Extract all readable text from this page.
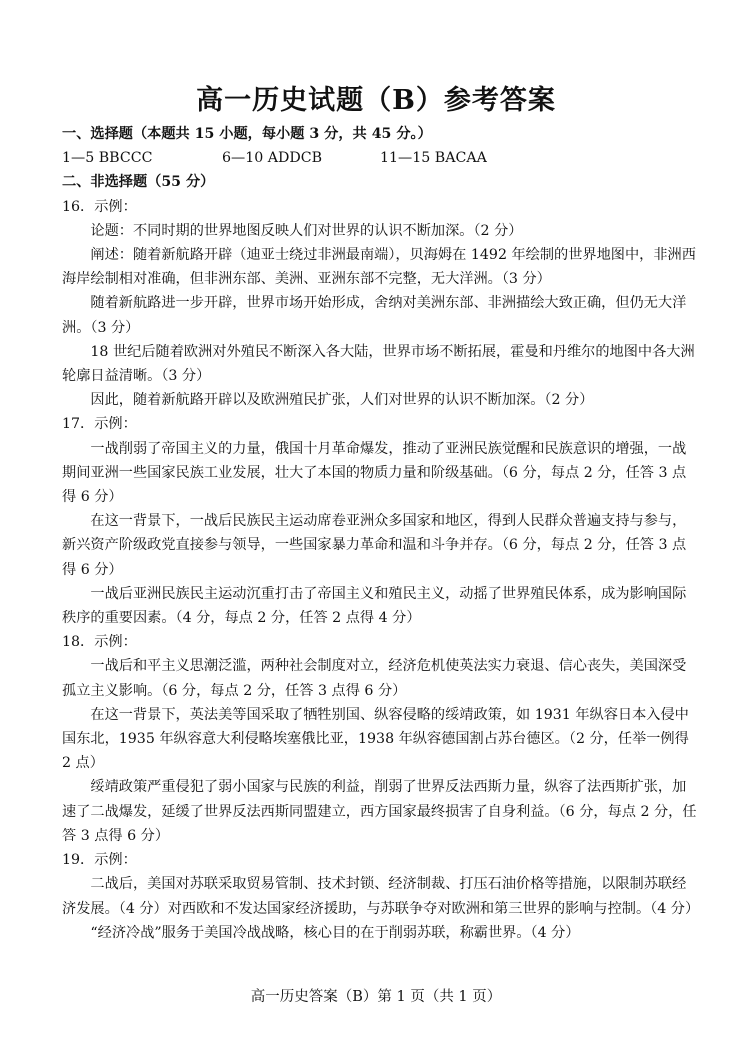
高一历史试题（B）参考答案

一、选择题（本题共 15 小题，每小题 3 分，共 45 分。）

1—5 BBCCC	6—10 ADDCB	11—15 BACAA

二、非选择题（55 分）

16．示例：

论题：不同时期的世界地图反映人们对世界的认识不断加深。（2 分）

阐述：随着新航路开辟（迪亚士绕过非洲最南端），贝海姆在 1492 年绘制的世界地图中，非洲西海岸绘制相对准确，但非洲东部、美洲、亚洲东部不完整，无大洋洲。（3 分）

随着新航路进一步开辟，世界市场开始形成，舍纳对美洲东部、非洲描绘大致正确，但仍无大洋洲。（3 分）

18 世纪后随着欧洲对外殖民不断深入各大陆，世界市场不断拓展，霍曼和丹维尔的地图中各大洲轮廓日益清晰。（3 分）

因此，随着新航路开辟以及欧洲殖民扩张，人们对世界的认识不断加深。（2 分）

17．示例：

一战削弱了帝国主义的力量，俄国十月革命爆发，推动了亚洲民族觉醒和民族意识的增强，一战期间亚洲一些国家民族工业发展，壮大了本国的物质力量和阶级基础。（6 分，每点 2 分，任答 3 点得 6 分）

在这一背景下，一战后民族民主运动席卷亚洲众多国家和地区，得到人民群众普遍支持与参与，新兴资产阶级政党直接参与领导，一些国家暴力革命和温和斗争并存。（6 分，每点 2 分，任答 3 点得 6 分）

一战后亚洲民族民主运动沉重打击了帝国主义和殖民主义，动摇了世界殖民体系，成为影响国际秩序的重要因素。（4 分，每点 2 分，任答 2 点得 4 分）

18．示例：

一战后和平主义思潮泛滥，两种社会制度对立，经济危机使英法实力衰退、信心丧失，美国深受孤立主义影响。（6 分，每点 2 分，任答 3 点得 6 分）

在这一背景下，英法美等国采取了牺牲别国、纵容侵略的绥靖政策，如 1931 年纵容日本入侵中国东北，1935 年纵容意大利侵略埃塞俄比亚，1938 年纵容德国割占苏台德区。（2 分，任举一例得 2 点）

绥靖政策严重侵犯了弱小国家与民族的利益，削弱了世界反法西斯力量，纵容了法西斯扩张，加速了二战爆发，延缓了世界反法西斯同盟建立，西方国家最终损害了自身利益。（6 分，每点 2 分，任答 3 点得 6 分）

19．示例：

二战后，美国对苏联采取贸易管制、技术封锁、经济制裁、打压石油价格等措施，以限制苏联经济发展。（4 分）对西欧和不发达国家经济援助，与苏联争夺对欧洲和第三世界的影响与控制。（4 分）

“经济冷战”服务于美国冷战战略，核心目的在于削弱苏联，称霸世界。（4 分）

高一历史答案（B）第 1 页（共 1 页）
